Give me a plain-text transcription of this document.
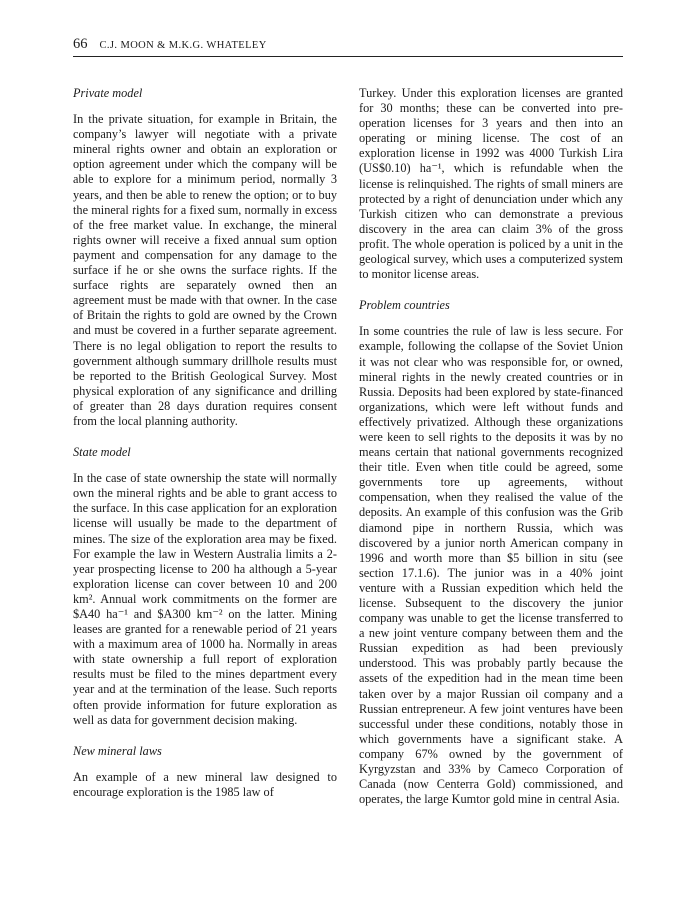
66 C.J. MOON & M.K.G. WHATELEY
Private model

In the private situation, for example in Britain, the company’s lawyer will negotiate with a private mineral rights owner and obtain an exploration or option agreement under which the company will be able to explore for a minimum period, normally 3 years, and then be able to renew the option; or to buy the mineral rights for a fixed sum, normally in excess of the free market value. In exchange, the mineral rights owner will receive a fixed annual sum option payment and compensation for any damage to the surface if he or she owns the surface rights. If the surface rights are separately owned then an agreement must be made with that owner. In the case of Britain the rights to gold are owned by the Crown and must be covered in a further separate agreement. There is no legal obligation to report the results to government although summary drillhole results must be reported to the British Geological Survey. Most physical exploration of any significance and drilling of greater than 28 days duration requires consent from the local planning authority.

State model

In the case of state ownership the state will normally own the mineral rights and be able to grant access to the surface. In this case application for an exploration license will usually be made to the department of mines. The size of the exploration area may be fixed. For example the law in Western Australia limits a 2-year prospecting license to 200 ha although a 5-year exploration license can cover between 10 and 200 km². Annual work commitments on the former are $A40 ha⁻¹ and $A300 km⁻² on the latter. Mining leases are granted for a renewable period of 21 years with a maximum area of 1000 ha. Normally in areas with state ownership a full report of exploration results must be filed to the mines department every year and at the termination of the lease. Such reports often provide information for future exploration as well as data for government decision making.

New mineral laws

An example of a new mineral law designed to encourage exploration is the 1985 law of

Turkey. Under this exploration licenses are granted for 30 months; these can be converted into pre-operation licenses for 3 years and then into an operating or mining license. The cost of an exploration license in 1992 was 4000 Turkish Lira (US$0.10) ha⁻¹, which is refundable when the license is relinquished. The rights of small miners are protected by a right of denunciation under which any Turkish citizen who can demonstrate a previous discovery in the area can claim 3% of the gross profit. The whole operation is policed by a unit in the geological survey, which uses a computerized system to monitor license areas.

Problem countries

In some countries the rule of law is less secure. For example, following the collapse of the Soviet Union it was not clear who was responsible for, or owned, mineral rights in the newly created countries or in Russia. Deposits had been explored by state-financed organizations, which were left without funds and effectively privatized. Although these organizations were keen to sell rights to the deposits it was by no means certain that national governments recognized their title. Even when title could be agreed, some governments tore up agreements, without compensation, when they realised the value of the deposits. An example of this confusion was the Grib diamond pipe in northern Russia, which was discovered by a junior north American company in 1996 and worth more than $5 billion in situ (see section 17.1.6). The junior was in a 40% joint venture with a Russian expedition which held the license. Subsequent to the discovery the junior company was unable to get the license transferred to a new joint venture company between them and the Russian expedition as had been previously understood. This was probably partly because the assets of the expedition had in the mean time been taken over by a major Russian oil company and a Russian entrepreneur. A few joint ventures have been successful under these conditions, notably those in which governments have a significant stake. A company 67% owned by the government of Kyrgyzstan and 33% by Cameco Corporation of Canada (now Centerra Gold) commissioned, and operates, the large Kumtor gold mine in central Asia.
